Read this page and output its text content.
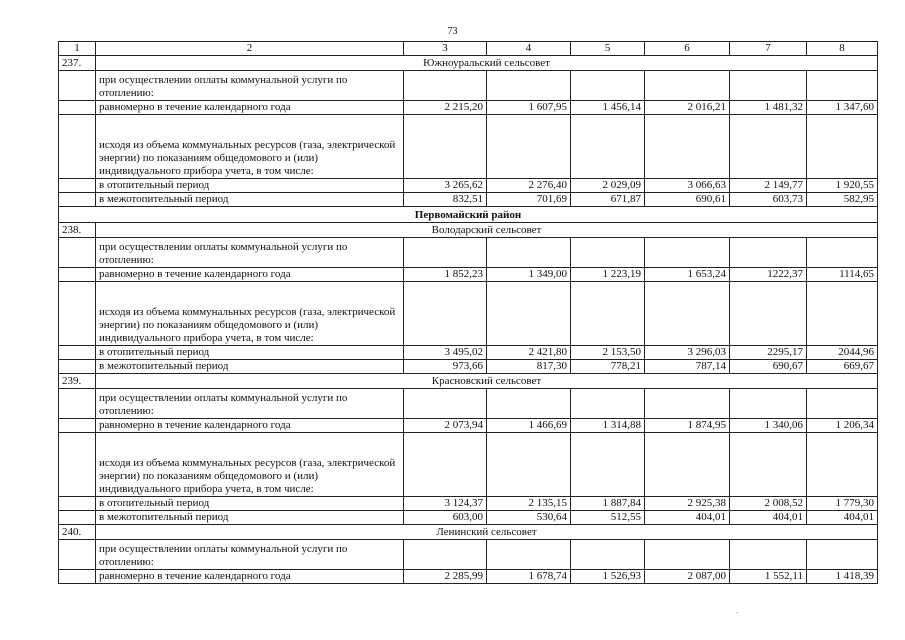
73
1	2	3	4	5	6	7	8
237.	Южноуральский сельсовет						
	при осуществлении оплаты коммунальной услуги по отоплению:						
	равномерно в течение календарного года	2 215,20	1 607,95	1 456,14	2 016,21	1 481,32	1 347,60
	исходя из объема коммунальных ресурсов (газа, электрической энергии) по показаниям общедомового и (или) индивидуального прибора учета, в том числе:						
	в отопительный период	3 265,62	2 276,40	2 029,09	3 066,63	2 149,77	1 920,55
	в межотопительный период	832,51	701,69	671,87	690,61	603,73	582,95
Первомайский район							
238.	Володарский сельсовет						
	при осуществлении оплаты коммунальной услуги по отоплению:						
	равномерно в течение календарного года	1 852,23	1 349,00	1 223,19	1 653,24	1222,37	1114,65
	исходя из объема коммунальных ресурсов (газа, электрической энергии) по показаниям общедомового и (или) индивидуального прибора учета, в том числе:						
	в отопительный период	3 495,02	2 421,80	2 153,50	3 296,03	2295,17	2044,96
	в межотопительный период	973,66	817,30	778,21	787,14	690,67	669,67
239.	Красновский сельсовет						
	при осуществлении оплаты коммунальной услуги по отоплению:						
	равномерно в течение календарного года	2 073,94	1 466,69	1 314,88	1 874,95	1 340,06	1 206,34
	исходя из объема коммунальных ресурсов (газа, электрической энергии) по показаниям общедомового и (или) индивидуального прибора учета, в том числе:						
	в отопительный период	3 124,37	2 135,15	1 887,84	2 925,38	2 008,52	1 779,30
	в межотопительный период	603,00	530,64	512,55	404,01	404,01	404,01
240.	Ленинский сельсовет						
	при осуществлении оплаты коммунальной услуги по отоплению:						
	равномерно в течение календарного года	2 285,99	1 678,74	1 526,93	2 087,00	1 552,11	1 418,39
